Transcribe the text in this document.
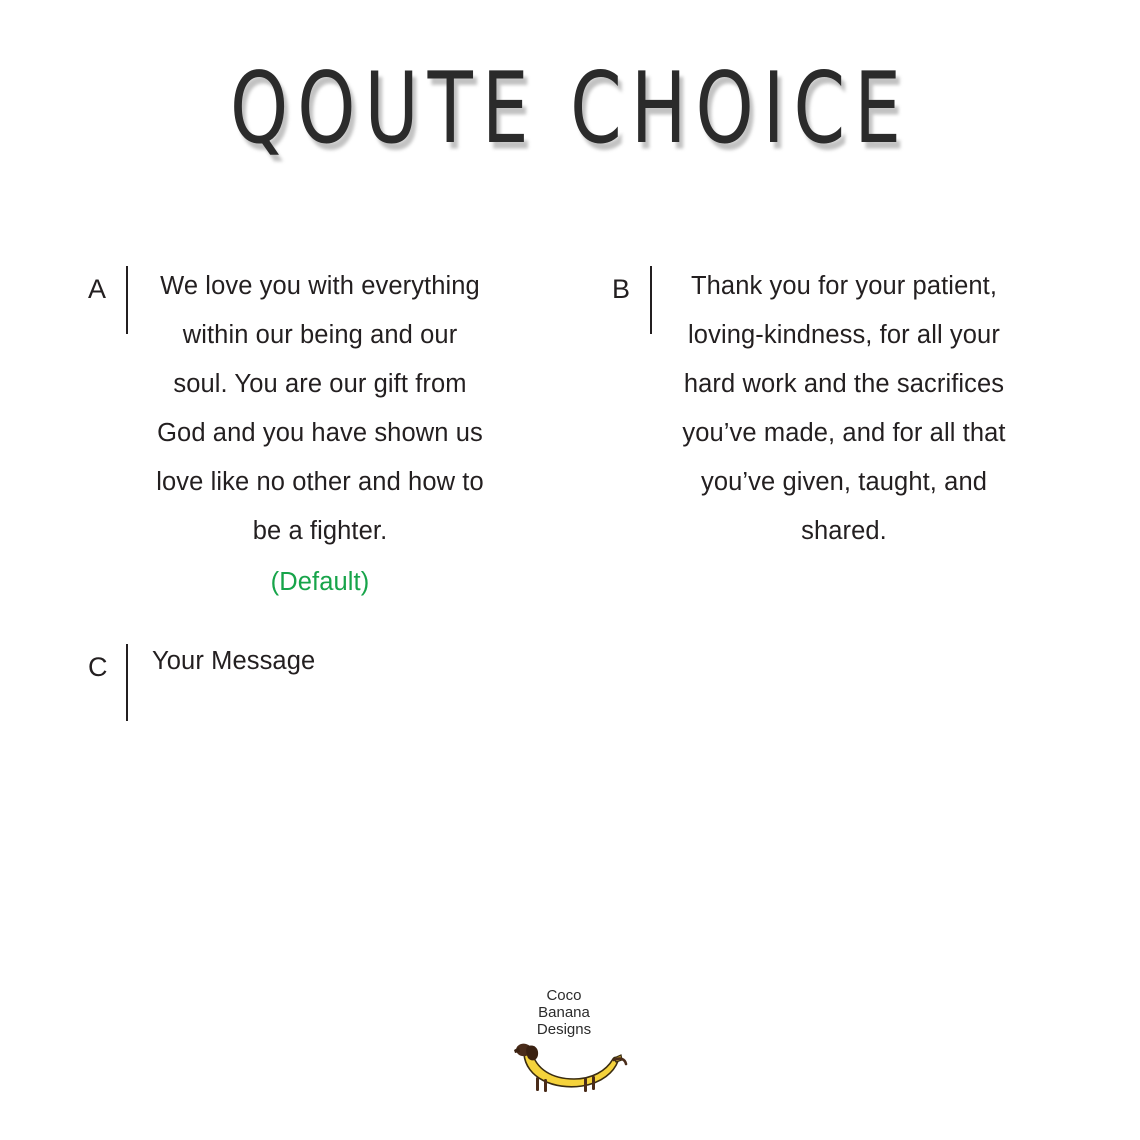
QOUTE CHOICE
A	We love you with everything within our being and our soul. You are our gift from God and you have shown us love like no other and how to be a fighter.
(Default)
B	Thank you for your patient, loving-kindness, for all your hard work and the sacrifices you’ve made, and for all that you’ve given, taught, and shared.
C	Your Message
Coco
Banana
Designs
